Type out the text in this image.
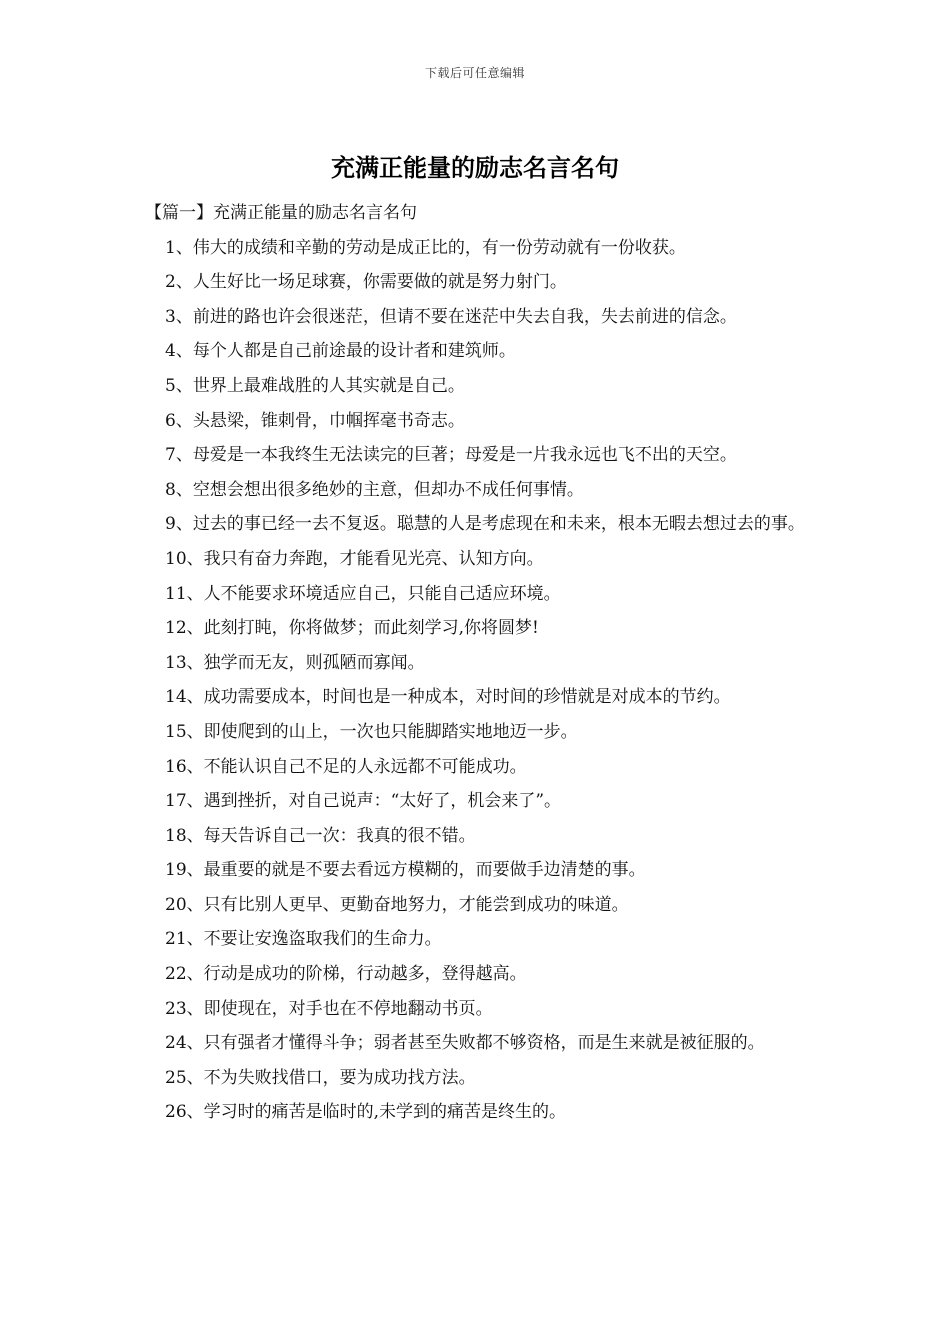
下载后可任意编辑
充满正能量的励志名言名句
【篇一】充满正能量的励志名言名句
1、伟大的成绩和辛勤的劳动是成正比的，有一份劳动就有一份收获。
2、人生好比一场足球赛，你需要做的就是努力射门。
3、前进的路也许会很迷茫，但请不要在迷茫中失去自我，失去前进的信念。
4、每个人都是自己前途最的设计者和建筑师。
5、世界上最难战胜的人其实就是自己。
6、头悬梁，锥刺骨，巾帼挥毫书奇志。
7、母爱是一本我终生无法读完的巨著；母爱是一片我永远也飞不出的天空。
8、空想会想出很多绝妙的主意，但却办不成任何事情。
9、过去的事已经一去不复返。聪慧的人是考虑现在和未来，根本无暇去想过去的事。
10、我只有奋力奔跑，才能看见光亮、认知方向。
11、人不能要求环境适应自己，只能自己适应环境。
12、此刻打盹，你将做梦；而此刻学习,你将圆梦!
13、独学而无友，则孤陋而寡闻。
14、成功需要成本，时间也是一种成本，对时间的珍惜就是对成本的节约。
15、即使爬到的山上，一次也只能脚踏实地地迈一步。
16、不能认识自己不足的人永远都不可能成功。
17、遇到挫折，对自己说声：“太好了，机会来了”。
18、每天告诉自己一次：我真的很不错。
19、最重要的就是不要去看远方模糊的，而要做手边清楚的事。
20、只有比别人更早、更勤奋地努力，才能尝到成功的味道。
21、不要让安逸盗取我们的生命力。
22、行动是成功的阶梯，行动越多，登得越高。
23、即使现在，对手也在不停地翻动书页。
24、只有强者才懂得斗争；弱者甚至失败都不够资格，而是生来就是被征服的。
25、不为失败找借口，要为成功找方法。
26、学习时的痛苦是临时的,未学到的痛苦是终生的。
